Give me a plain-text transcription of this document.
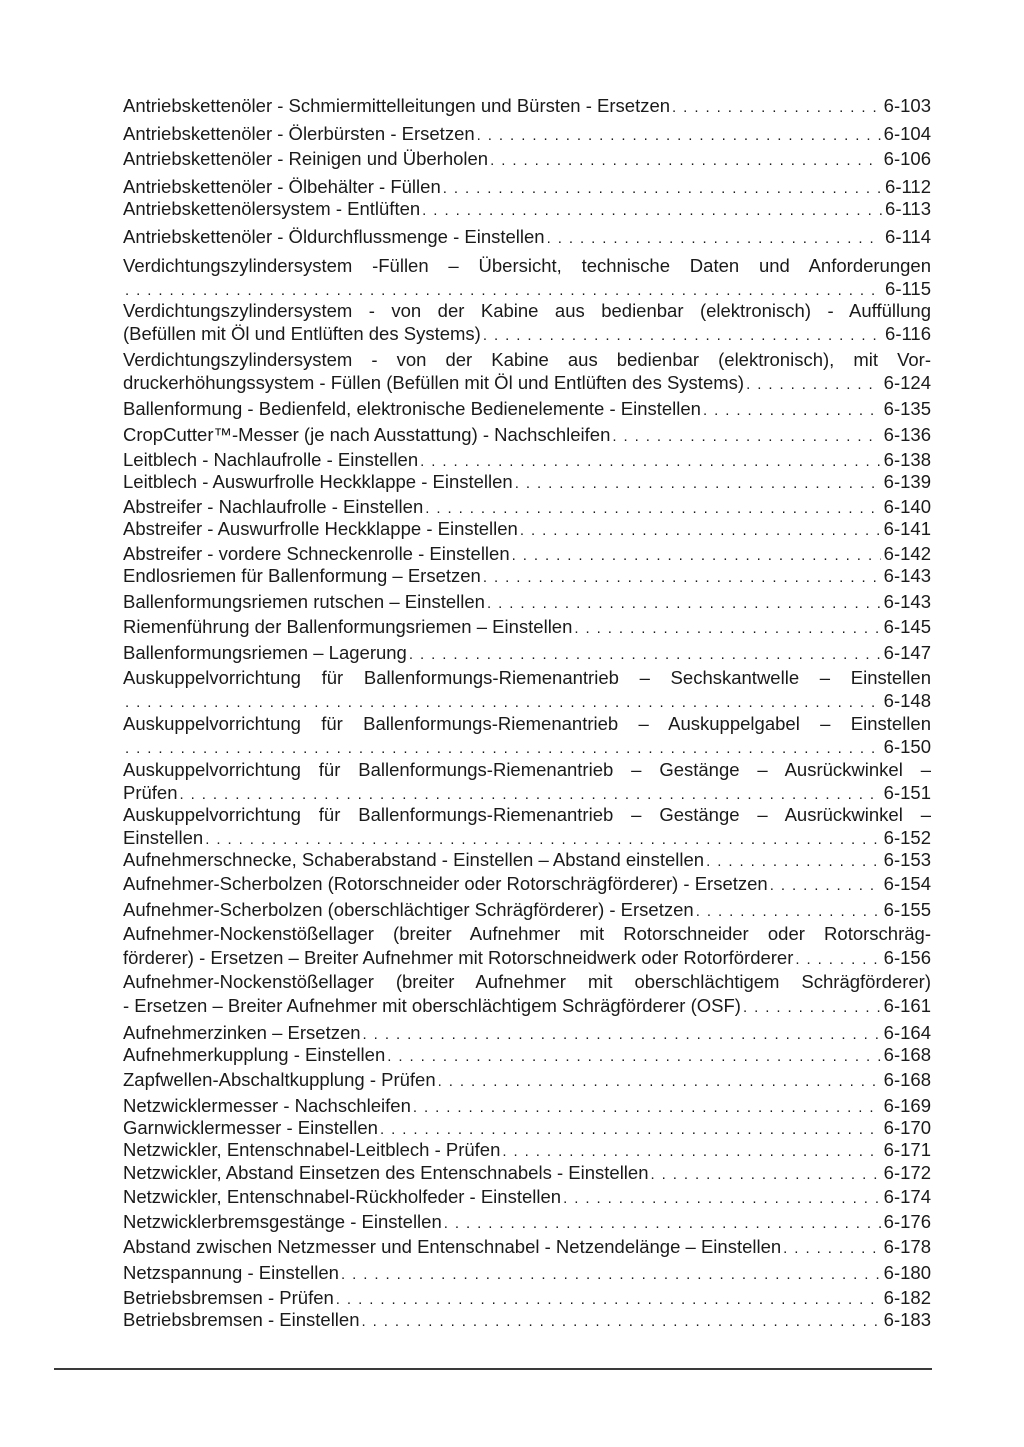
Antriebskettenöler - Schmiermittelleitungen und Bürsten - Ersetzen . . .	6-103
Antriebskettenöler - Ölerbürsten - Ersetzen . . .	6-104
Antriebskettenöler - Reinigen und Überholen . . .	6-106
Antriebskettenöler - Ölbehälter - Füllen . . .	6-112
Antriebskettenölersystem - Entlüften . . .	6-113
Antriebskettenöler - Öldurchflussmenge - Einstellen . . .	6-114
Verdichtungszylindersystem -Füllen – Übersicht, technische Daten und Anforderungen
. . .
6-115
Verdichtungszylindersystem - von der Kabine aus bedienbar (elektronisch) - Auffüllung
(Befüllen mit Öl und Entlüften des Systems) . . .	6-116
Verdichtungszylindersystem - von der Kabine aus bedienbar (elektronisch), mit Vor-
druckerhöhungssystem - Füllen (Befüllen mit Öl und Entlüften des Systems) . . .	6-124
Ballenformung - Bedienfeld, elektronische Bedienelemente - Einstellen . . .	6-135
CropCutter™-Messer (je nach Ausstattung) - Nachschleifen . . .	6-136
Leitblech - Nachlaufrolle - Einstellen . . .	6-138
Leitblech - Auswurfrolle Heckklappe - Einstellen . . .	6-139
Abstreifer - Nachlaufrolle - Einstellen . . .	6-140
Abstreifer - Auswurfrolle Heckklappe - Einstellen . . .	6-141
Abstreifer - vordere Schneckenrolle - Einstellen . . .	6-142
Endlosriemen für Ballenformung – Ersetzen . . .	6-143
Ballenformungsriemen rutschen – Einstellen . . .	6-143
Riemenführung der Ballenformungsriemen – Einstellen . . .	6-145
Ballenformungsriemen – Lagerung . . .	6-147
Auskuppelvorrichtung für Ballenformungs-Riemenantrieb – Sechskantwelle – Einstellen
. . .
6-148
Auskuppelvorrichtung für Ballenformungs-Riemenantrieb – Auskuppelgabel – Einstellen
. . .
6-150
Auskuppelvorrichtung für Ballenformungs-Riemenantrieb – Gestänge – Ausrückwinkel –
Prüfen . . .	6-151
Auskuppelvorrichtung für Ballenformungs-Riemenantrieb – Gestänge – Ausrückwinkel –
Einstellen . . .	6-152
Aufnehmerschnecke, Schaberabstand - Einstellen – Abstand einstellen . . .	6-153
Aufnehmer-Scherbolzen (Rotorschneider oder Rotorschrägförderer) - Ersetzen . . .	6-154
Aufnehmer-Scherbolzen (oberschlächtiger Schrägförderer) - Ersetzen . . .	6-155
Aufnehmer-Nockenstößellager (breiter Aufnehmer mit Rotorschneider oder Rotorschräg-
förderer) - Ersetzen – Breiter Aufnehmer mit Rotorschneidwerk oder Rotorförderer . . .	6-156
Aufnehmer-Nockenstößellager (breiter Aufnehmer mit oberschlächtigem Schrägförderer)
- Ersetzen – Breiter Aufnehmer mit oberschlächtigem Schrägförderer (OSF) . . .	6-161
Aufnehmerzinken – Ersetzen . . .	6-164
Aufnehmerkupplung - Einstellen . . .	6-168
Zapfwellen-Abschaltkupplung - Prüfen . . .	6-168
Netzwicklermesser - Nachschleifen . . .	6-169
Garnwicklermesser - Einstellen . . .	6-170
Netzwickler, Entenschnabel-Leitblech - Prüfen . . .	6-171
Netzwickler, Abstand Einsetzen des Entenschnabels - Einstellen . . .	6-172
Netzwickler, Entenschnabel-Rückholfeder - Einstellen . . .	6-174
Netzwicklerbremsgestänge - Einstellen . . .	6-176
Abstand zwischen Netzmesser und Entenschnabel - Netzendelänge – Einstellen . . .	6-178
Netzspannung - Einstellen . . .	6-180
Betriebsbremsen - Prüfen . . .	6-182
Betriebsbremsen - Einstellen . . .	6-183
